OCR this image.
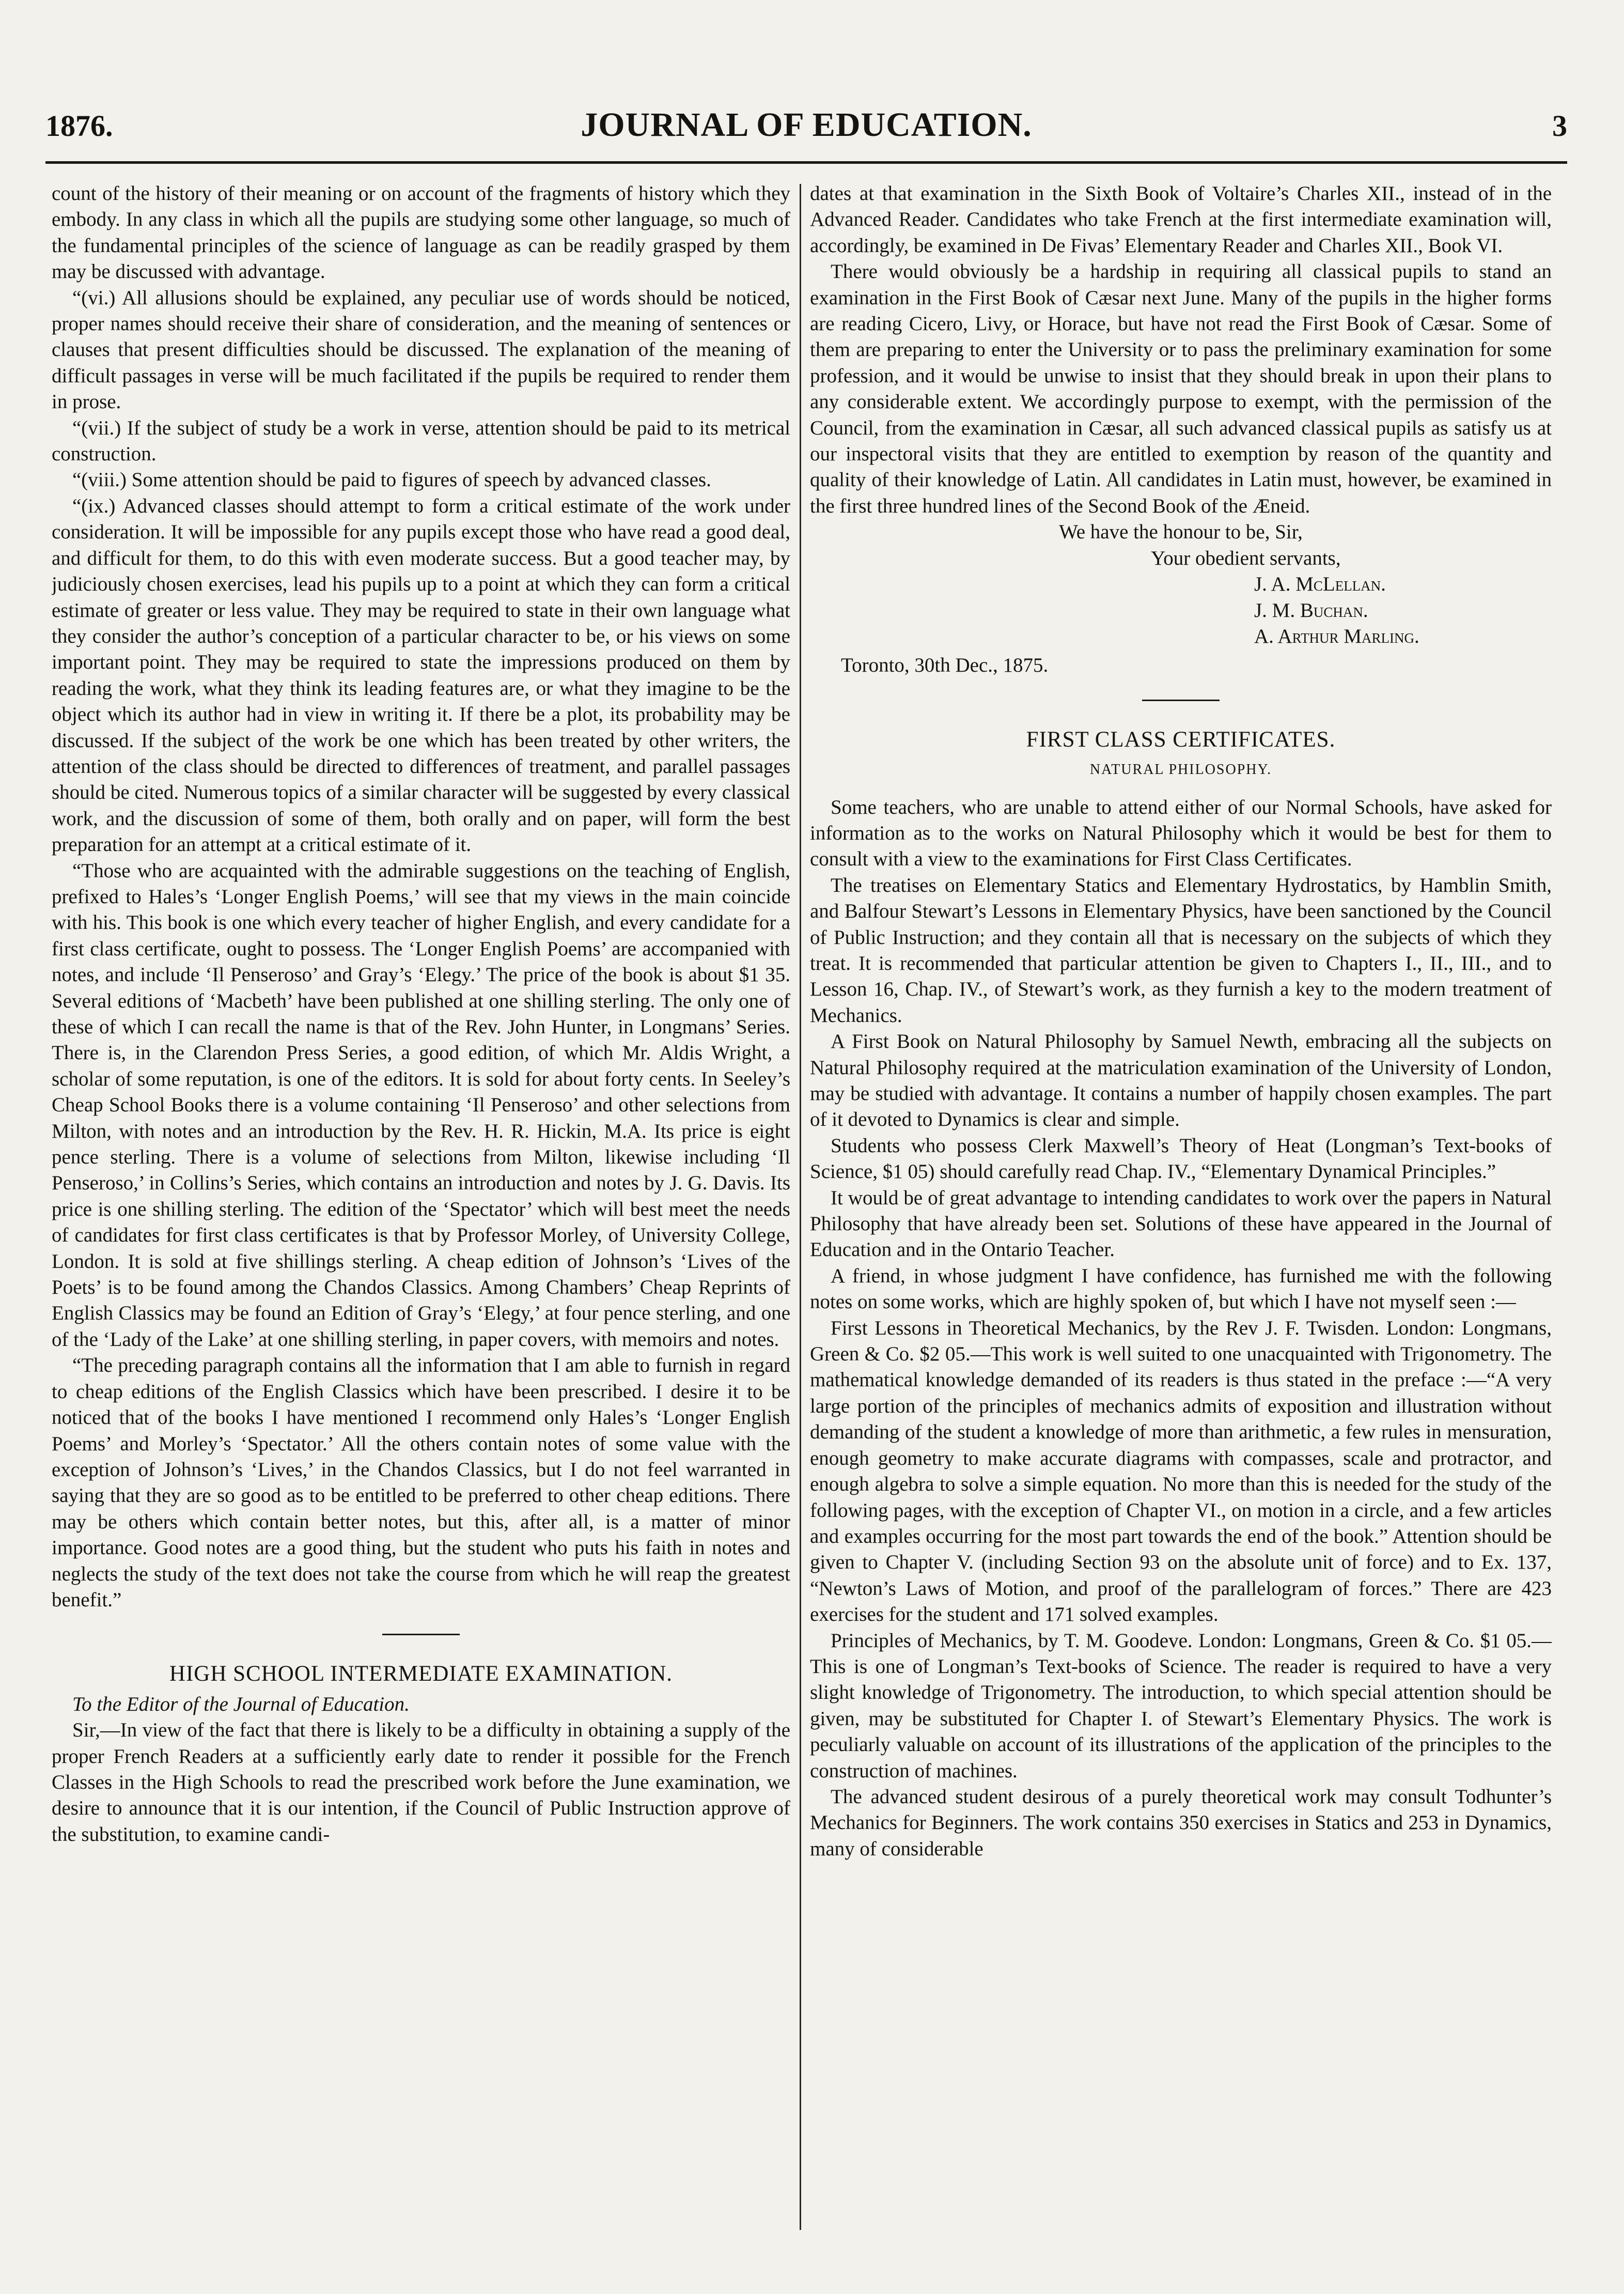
1876.	JOURNAL OF EDUCATION.	3

count of the history of their meaning or on account of the fragments of history which they embody. In any class in which all the pupils are studying some other language, so much of the fundamental principles of the science of language as can be readily grasped by them may be discussed with advantage.

“(vi.) All allusions should be explained, any peculiar use of words should be noticed, proper names should receive their share of consideration, and the meaning of sentences or clauses that present difficulties should be discussed. The explanation of the meaning of difficult passages in verse will be much facilitated if the pupils be required to render them in prose.

“(vii.) If the subject of study be a work in verse, attention should be paid to its metrical construction.

“(viii.) Some attention should be paid to figures of speech by advanced classes.

“(ix.) Advanced classes should attempt to form a critical estimate of the work under consideration. It will be impossible for any pupils except those who have read a good deal, and difficult for them, to do this with even moderate success. But a good teacher may, by judiciously chosen exercises, lead his pupils up to a point at which they can form a critical estimate of greater or less value. They may be required to state in their own language what they consider the author’s conception of a particular character to be, or his views on some important point. They may be required to state the impressions produced on them by reading the work, what they think its leading features are, or what they imagine to be the object which its author had in view in writing it. If there be a plot, its probability may be discussed. If the subject of the work be one which has been treated by other writers, the attention of the class should be directed to differences of treatment, and parallel passages should be cited. Numerous topics of a similar character will be suggested by every classical work, and the discussion of some of them, both orally and on paper, will form the best preparation for an attempt at a critical estimate of it.

“Those who are acquainted with the admirable suggestions on the teaching of English, prefixed to Hales’s ‘Longer English Poems,’ will see that my views in the main coincide with his. This book is one which every teacher of higher English, and every candidate for a first class certificate, ought to possess. The ‘Longer English Poems’ are accompanied with notes, and include ‘Il Penseroso’ and Gray’s ‘Elegy.’ The price of the book is about $1 35. Several editions of ‘Macbeth’ have been published at one shilling sterling. The only one of these of which I can recall the name is that of the Rev. John Hunter, in Longmans’ Series. There is, in the Clarendon Press Series, a good edition, of which Mr. Aldis Wright, a scholar of some reputation, is one of the editors. It is sold for about forty cents. In Seeley’s Cheap School Books there is a volume containing ‘Il Penseroso’ and other selections from Milton, with notes and an introduction by the Rev. H. R. Hickin, M.A. Its price is eight pence sterling. There is a volume of selections from Milton, likewise including ‘Il Penseroso,’ in Collins’s Series, which contains an introduction and notes by J. G. Davis. Its price is one shilling sterling. The edition of the ‘Spectator’ which will best meet the needs of candidates for first class certificates is that by Professor Morley, of University College, London. It is sold at five shillings sterling. A cheap edition of Johnson’s ‘Lives of the Poets’ is to be found among the Chandos Classics. Among Chambers’ Cheap Reprints of English Classics may be found an Edition of Gray’s ‘Elegy,’ at four pence sterling, and one of the ‘Lady of the Lake’ at one shilling sterling, in paper covers, with memoirs and notes.

“The preceding paragraph contains all the information that I am able to furnish in regard to cheap editions of the English Classics which have been prescribed. I desire it to be noticed that of the books I have mentioned I recommend only Hales’s ‘Longer English Poems’ and Morley’s ‘Spectator.’ All the others contain notes of some value with the exception of Johnson’s ‘Lives,’ in the Chandos Classics, but I do not feel warranted in saying that they are so good as to be entitled to be preferred to other cheap editions. There may be others which contain better notes, but this, after all, is a matter of minor importance. Good notes are a good thing, but the student who puts his faith in notes and neglects the study of the text does not take the course from which he will reap the greatest benefit.”

HIGH SCHOOL INTERMEDIATE EXAMINATION.

To the Editor of the Journal of Education.

Sir,—In view of the fact that there is likely to be a difficulty in obtaining a supply of the proper French Readers at a sufficiently early date to render it possible for the French Classes in the High Schools to read the prescribed work before the June examination, we desire to announce that it is our intention, if the Council of Public Instruction approve of the substitution, to examine candi-

dates at that examination in the Sixth Book of Voltaire’s Charles XII., instead of in the Advanced Reader. Candidates who take French at the first intermediate examination will, accordingly, be examined in De Fivas’ Elementary Reader and Charles XII., Book VI.

There would obviously be a hardship in requiring all classical pupils to stand an examination in the First Book of Cæsar next June. Many of the pupils in the higher forms are reading Cicero, Livy, or Horace, but have not read the First Book of Cæsar. Some of them are preparing to enter the University or to pass the preliminary examination for some profession, and it would be unwise to insist that they should break in upon their plans to any considerable extent. We accordingly purpose to exempt, with the permission of the Council, from the examination in Cæsar, all such advanced classical pupils as satisfy us at our inspectoral visits that they are entitled to exemption by reason of the quantity and quality of their knowledge of Latin. All candidates in Latin must, however, be examined in the first three hundred lines of the Second Book of the Æneid.

We have the honour to be, Sir,
Your obedient servants,
J. A. McLellan.
J. M. Buchan.
A. Arthur Marling.
Toronto, 30th Dec., 1875.
FIRST CLASS CERTIFICATES.
NATURAL PHILOSOPHY.

Some teachers, who are unable to attend either of our Normal Schools, have asked for information as to the works on Natural Philosophy which it would be best for them to consult with a view to the examinations for First Class Certificates.

The treatises on Elementary Statics and Elementary Hydrostatics, by Hamblin Smith, and Balfour Stewart’s Lessons in Elementary Physics, have been sanctioned by the Council of Public Instruction; and they contain all that is necessary on the subjects of which they treat. It is recommended that particular attention be given to Chapters I., II., III., and to Lesson 16, Chap. IV., of Stewart’s work, as they furnish a key to the modern treatment of Mechanics.

A First Book on Natural Philosophy by Samuel Newth, embracing all the subjects on Natural Philosophy required at the matriculation examination of the University of London, may be studied with advantage. It contains a number of happily chosen examples. The part of it devoted to Dynamics is clear and simple.

Students who possess Clerk Maxwell’s Theory of Heat (Longman’s Text-books of Science, $1 05) should carefully read Chap. IV., “Elementary Dynamical Principles.”

It would be of great advantage to intending candidates to work over the papers in Natural Philosophy that have already been set. Solutions of these have appeared in the Journal of Education and in the Ontario Teacher.

A friend, in whose judgment I have confidence, has furnished me with the following notes on some works, which are highly spoken of, but which I have not myself seen :—

First Lessons in Theoretical Mechanics, by the Rev J. F. Twisden. London: Longmans, Green & Co. $2 05.—This work is well suited to one unacquainted with Trigonometry. The mathematical knowledge demanded of its readers is thus stated in the preface :—“A very large portion of the principles of mechanics admits of exposition and illustration without demanding of the student a knowledge of more than arithmetic, a few rules in mensuration, enough geometry to make accurate diagrams with compasses, scale and protractor, and enough algebra to solve a simple equation. No more than this is needed for the study of the following pages, with the exception of Chapter VI., on motion in a circle, and a few articles and examples occurring for the most part towards the end of the book.” Attention should be given to Chapter V. (including Section 93 on the absolute unit of force) and to Ex. 137, “Newton’s Laws of Motion, and proof of the parallelogram of forces.” There are 423 exercises for the student and 171 solved examples.

Principles of Mechanics, by T. M. Goodeve. London: Longmans, Green & Co. $1 05.—This is one of Longman’s Text-books of Science. The reader is required to have a very slight knowledge of Trigonometry. The introduction, to which special attention should be given, may be substituted for Chapter I. of Stewart’s Elementary Physics. The work is peculiarly valuable on account of its illustrations of the application of the principles to the construction of machines.

The advanced student desirous of a purely theoretical work may consult Todhunter’s Mechanics for Beginners. The work contains 350 exercises in Statics and 253 in Dynamics, many of considerable
